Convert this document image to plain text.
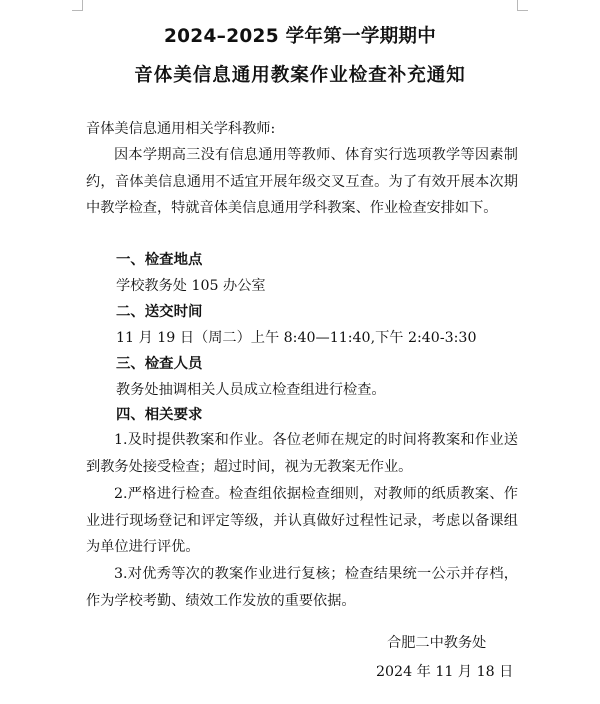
2024–2025 学年第一学期期中
音体美信息通用教案作业检查补充通知
音体美信息通用相关学科教师:
因本学期高三没有信息通用等教师、体育实行选项教学等因素制约，音体美信息通用不适宜开展年级交叉互查。为了有效开展本次期中教学检查，特就音体美信息通用学科教案、作业检查安排如下。
一、检查地点
学校教务处 105 办公室
二、送交时间
11 月 19 日（周二）上午 8:40—11:40,下午 2:40-3:30
三、检查人员
教务处抽调相关人员成立检查组进行检查。
四、相关要求
1.及时提供教案和作业。各位老师在规定的时间将教案和作业送到教务处接受检查；超过时间，视为无教案无作业。
2.严格进行检查。检查组依据检查细则，对教师的纸质教案、作业进行现场登记和评定等级，并认真做好过程性记录，考虑以备课组为单位进行评优。
3.对优秀等次的教案作业进行复核；检查结果统一公示并存档，作为学校考勤、绩效工作发放的重要依据。
合肥二中教务处
2024 年 11 月 18 日
